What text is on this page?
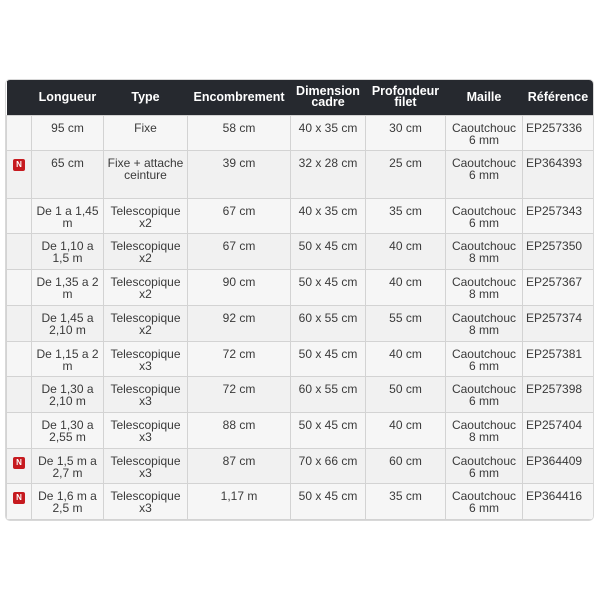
	Longueur	Type	Encombrement	Dimension
cadre	Profondeur
filet	Maille	Référence
	95 cm	Fixe	58 cm	40 x 35 cm	30 cm	Caoutchouc 6 mm	EP257336
N	65 cm	Fixe + attache ceinture	39 cm	32 x 28 cm	25 cm	Caoutchouc 6 mm	EP364393
	De 1 a 1,45 m	Telescopique x2	67 cm	40 x 35 cm	35 cm	Caoutchouc 6 mm	EP257343
	De 1,10 a 1,5 m	Telescopique x2	67 cm	50 x 45 cm	40 cm	Caoutchouc 8 mm	EP257350
	De 1,35 a 2 m	Telescopique x2	90 cm	50 x 45 cm	40 cm	Caoutchouc 8 mm	EP257367
	De 1,45 a 2,10 m	Telescopique x2	92 cm	60 x 55 cm	55 cm	Caoutchouc 8 mm	EP257374
	De 1,15 a 2 m	Telescopique x3	72 cm	50 x 45 cm	40 cm	Caoutchouc 6 mm	EP257381
	De 1,30 a 2,10 m	Telescopique x3	72 cm	60 x 55 cm	50 cm	Caoutchouc 6 mm	EP257398
	De 1,30 a 2,55 m	Telescopique x3	88 cm	50 x 45 cm	40 cm	Caoutchouc 8 mm	EP257404
N	De 1,5 m a 2,7 m	Telescopique x3	87 cm	70 x 66 cm	60 cm	Caoutchouc 6 mm	EP364409
N	De 1,6 m a 2,5 m	Telescopique x3	1,17 m	50 x 45 cm	35 cm	Caoutchouc 6 mm	EP364416
